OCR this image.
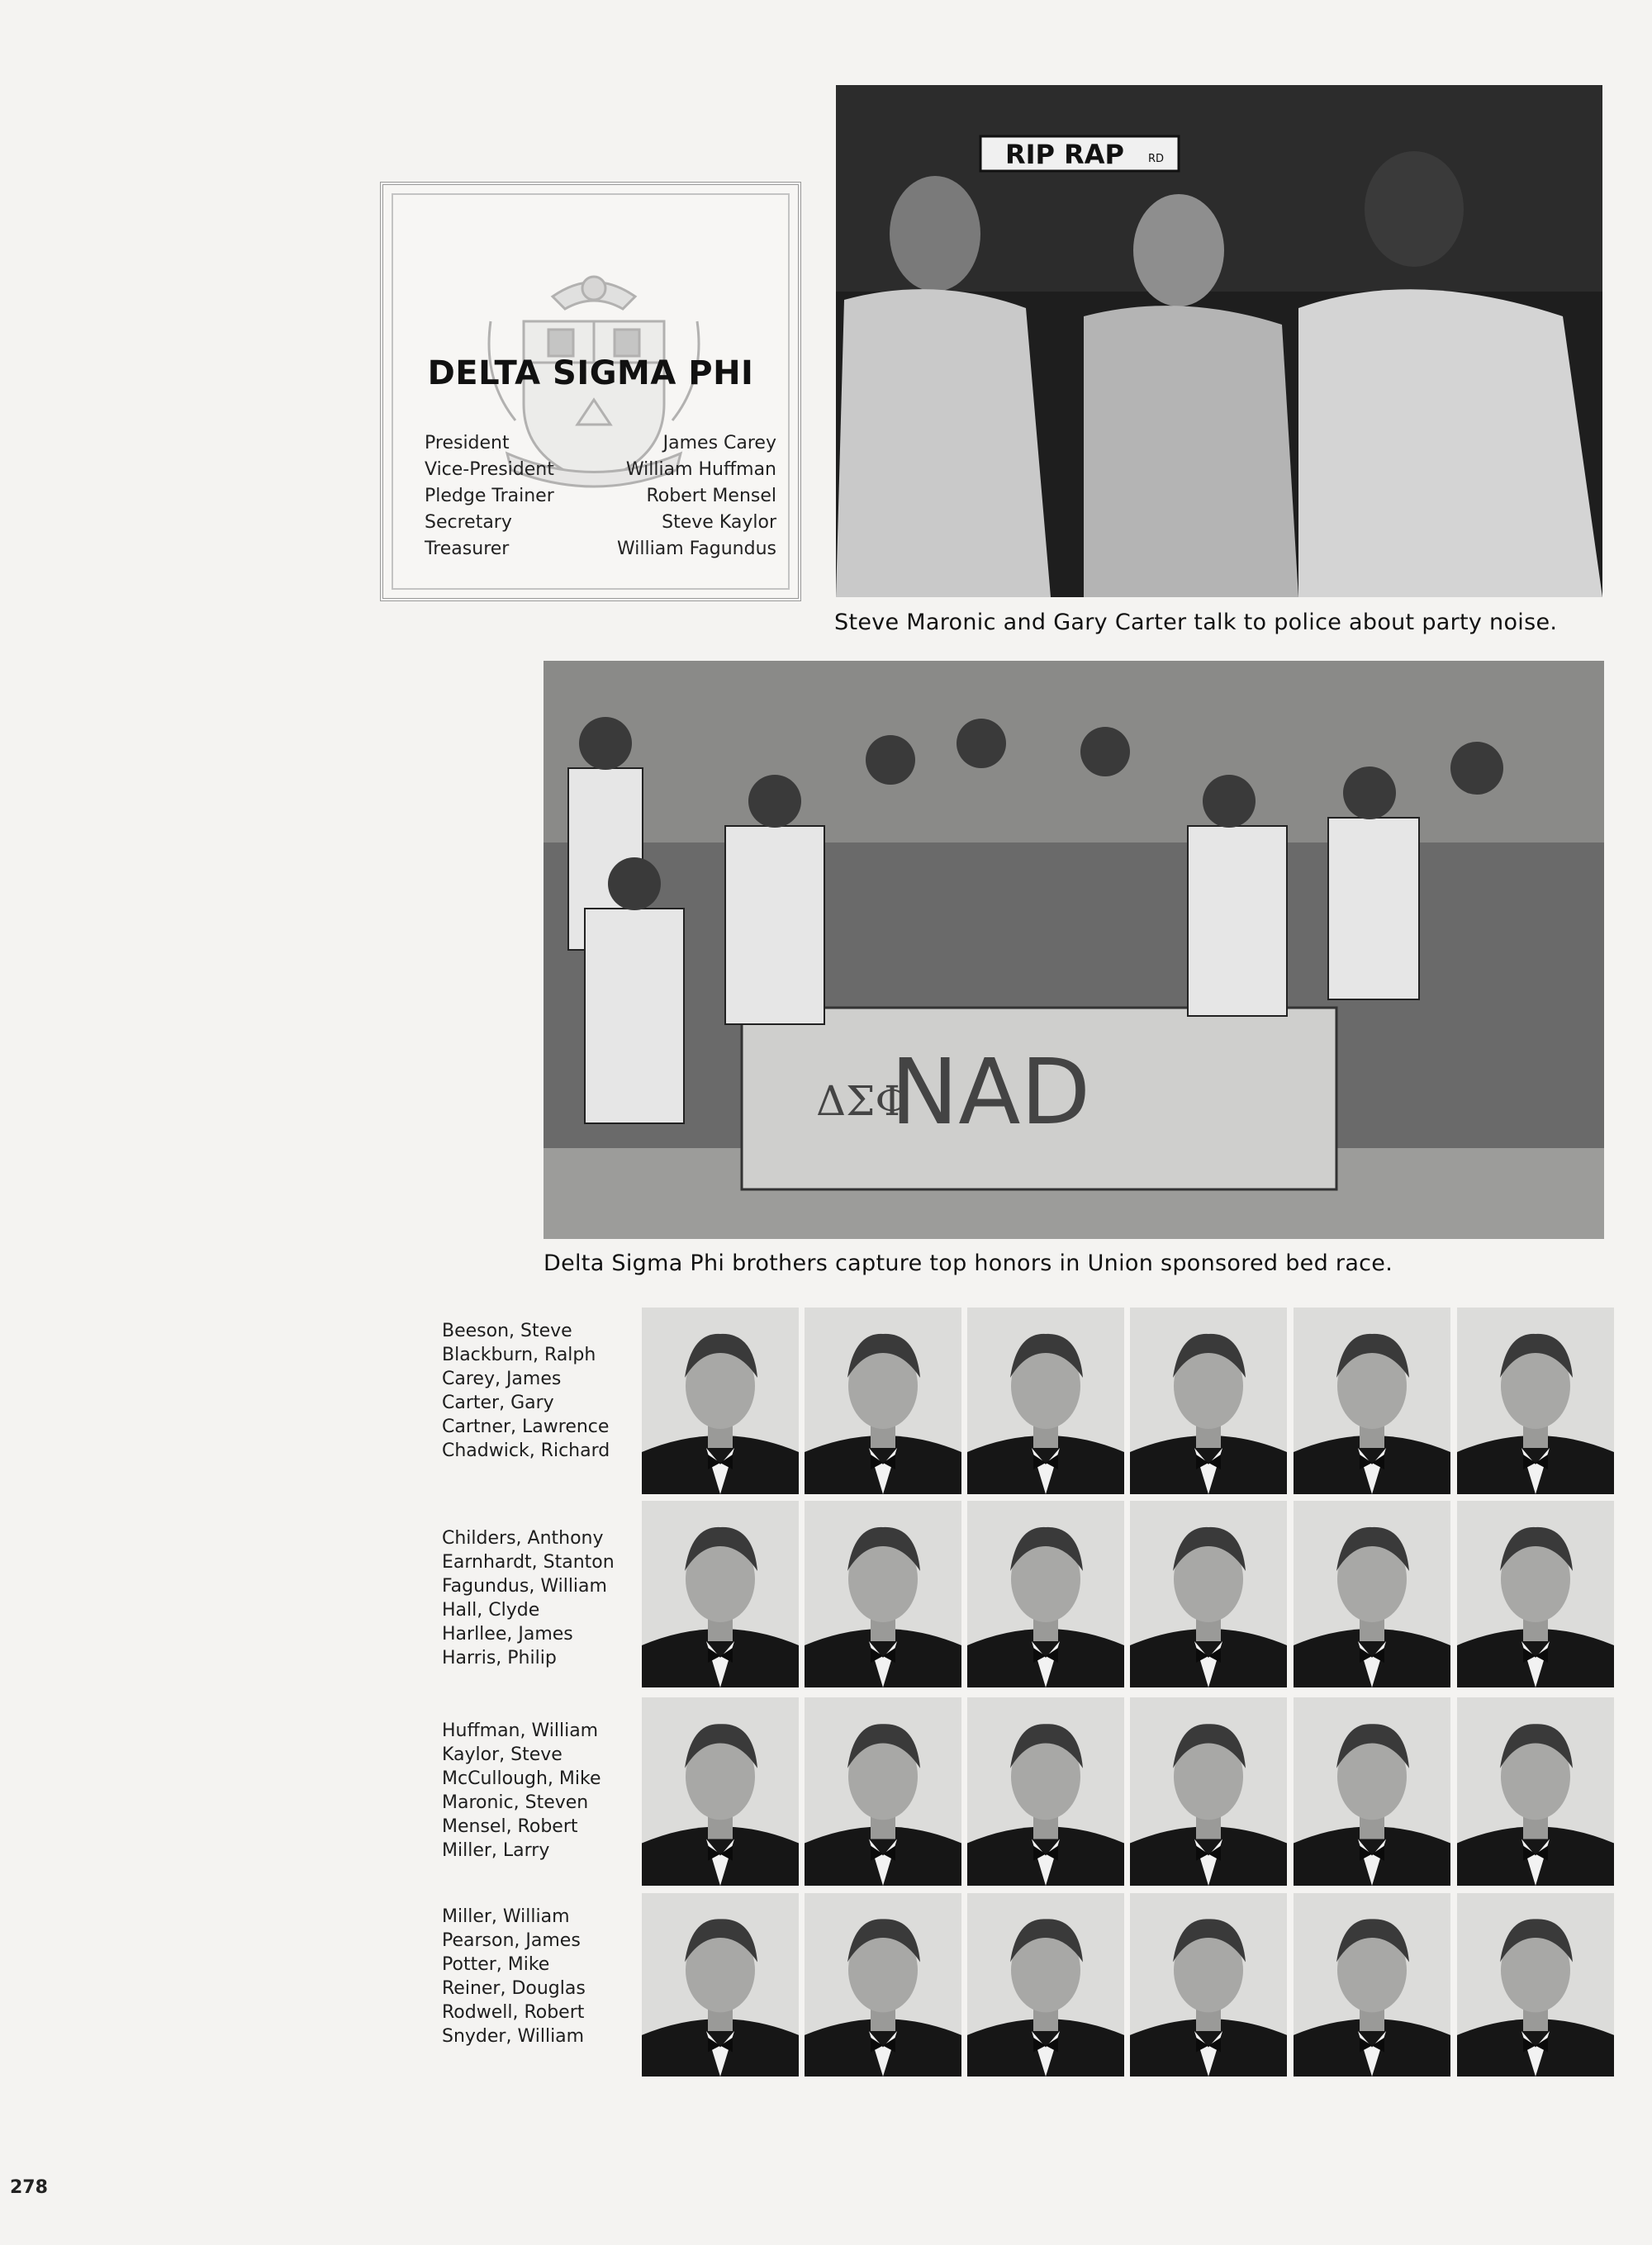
DELTA SIGMA PHI
President	James Carey
Vice-President	William Huffman
Pledge Trainer	Robert Mensel
Secretary	Steve Kaylor
Treasurer	William Fagundus
RIP RAP RD
Steve Maronic and Gary Carter talk to police about party noise.
NAD
ΔΣΦ
Delta Sigma Phi brothers capture top honors in Union sponsored bed race.
Beeson, Steve
Blackburn, Ralph
Carey, James
Carter, Gary
Cartner, Lawrence
Chadwick, Richard
Childers, Anthony
Earnhardt, Stanton
Fagundus, William
Hall, Clyde
Harllee, James
Harris, Philip
Huffman, William
Kaylor, Steve
McCullough, Mike
Maronic, Steven
Mensel, Robert
Miller, Larry
Miller, William
Pearson, James
Potter, Mike
Reiner, Douglas
Rodwell, Robert
Snyder, William
278
